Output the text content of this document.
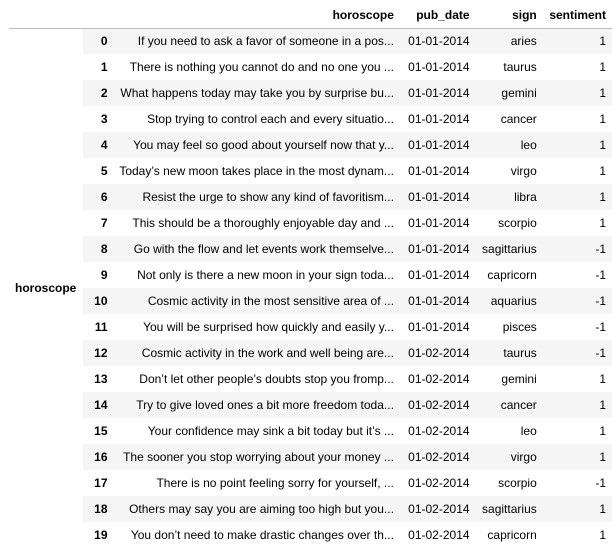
		horoscope	pub_date	sign	sentiment
horoscope	0	If you need to ask a favor of someone in a pos...	01-01-2014	aries	1
	1	There is nothing you cannot do and no one you ...	01-01-2014	taurus	1
	2	What happens today may take you by surprise bu...	01-01-2014	gemini	1
	3	Stop trying to control each and every situatio...	01-01-2014	cancer	1
	4	You may feel so good about yourself now that y...	01-01-2014	leo	1
	5	Today’s new moon takes place in the most dynam...	01-01-2014	virgo	1
	6	Resist the urge to show any kind of favoritism...	01-01-2014	libra	1
	7	This should be a thoroughly enjoyable day and ...	01-01-2014	scorpio	1
	8	Go with the flow and let events work themselve...	01-01-2014	sagittarius	-1
	9	Not only is there a new moon in your sign toda...	01-01-2014	capricorn	-1
	10	Cosmic activity in the most sensitive area of ...	01-01-2014	aquarius	-1
	11	You will be surprised how quickly and easily y...	01-01-2014	pisces	-1
	12	Cosmic activity in the work and well being are...	01-02-2014	taurus	-1
	13	Don’t let other people’s doubts stop you fromp...	01-02-2014	gemini	1
	14	Try to give loved ones a bit more freedom toda...	01-02-2014	cancer	1
	15	Your confidence may sink a bit today but it’s ...	01-02-2014	leo	1
	16	The sooner you stop worrying about your money ...	01-02-2014	virgo	1
	17	There is no point feeling sorry for yourself, ...	01-02-2014	scorpio	-1
	18	Others may say you are aiming too high but you...	01-02-2014	sagittarius	1
	19	You don’t need to make drastic changes over th...	01-02-2014	capricorn	1
